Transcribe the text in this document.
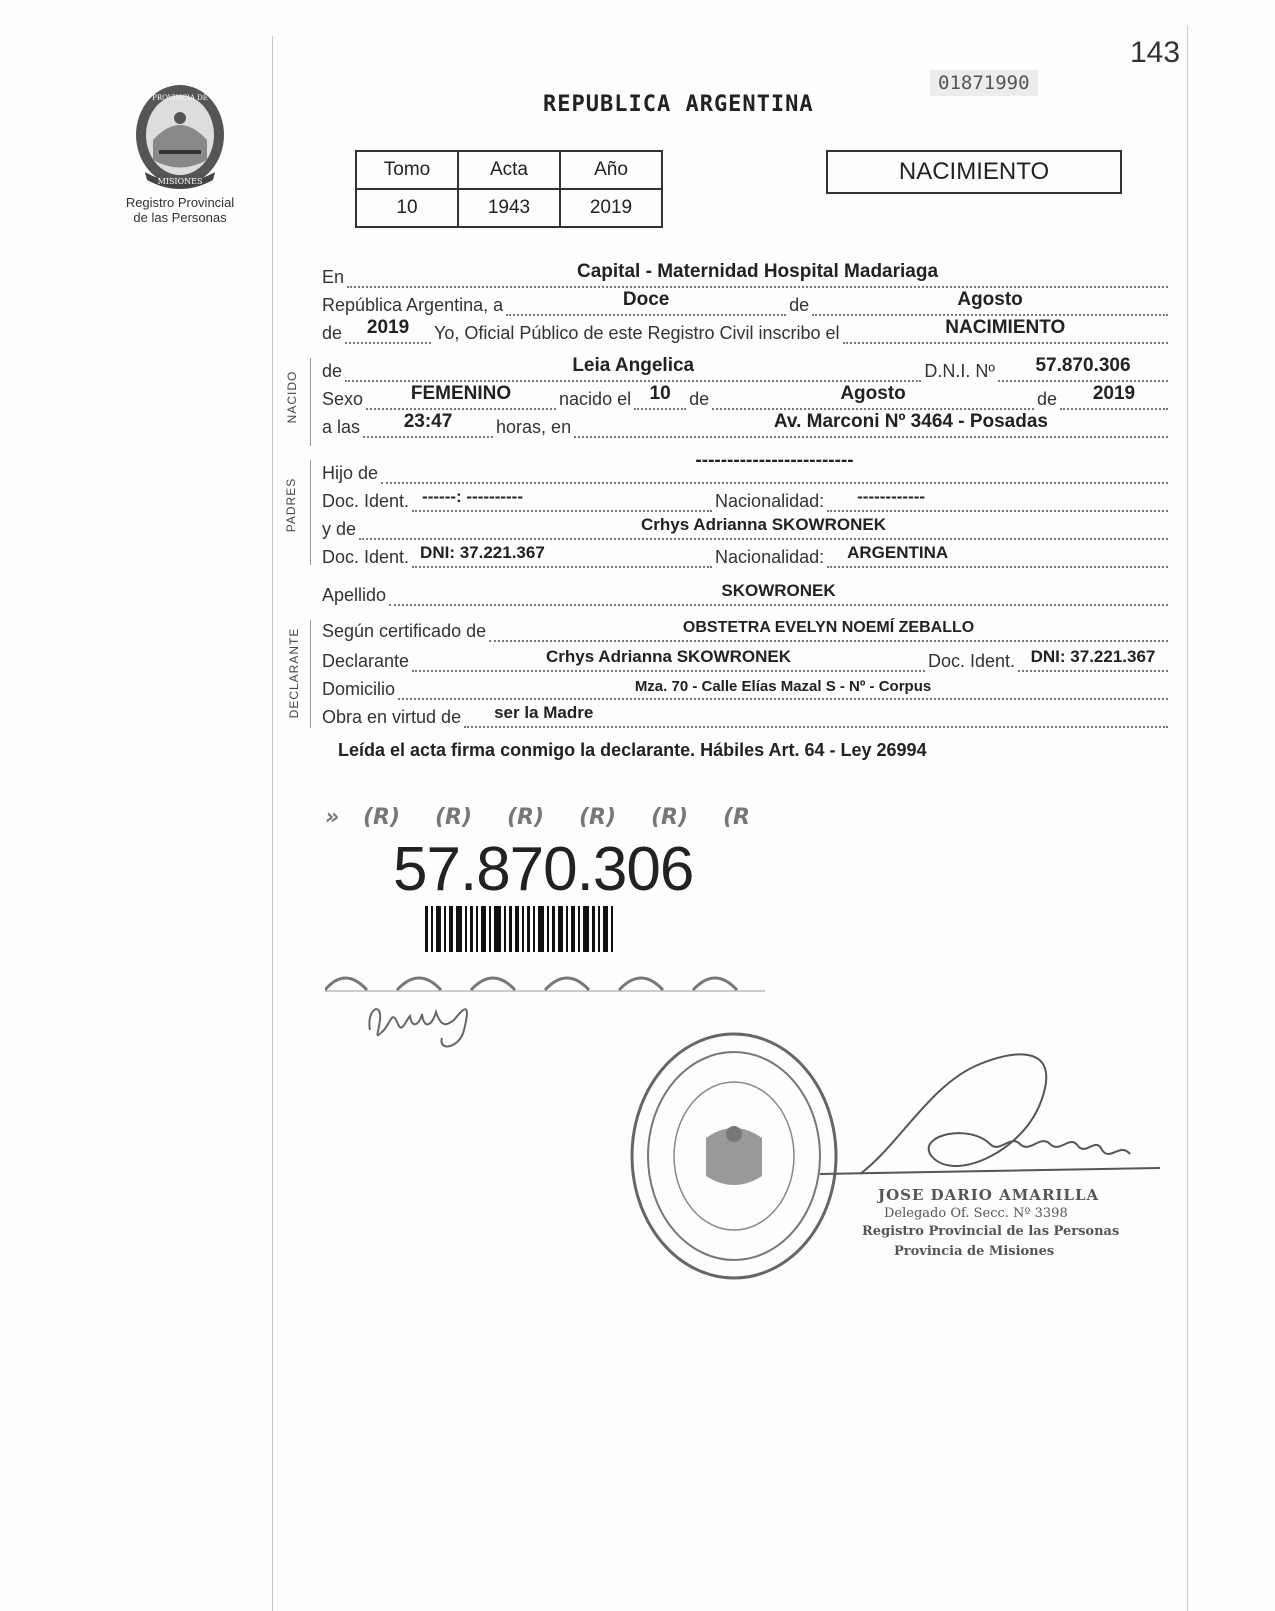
PROVINCIA DE
MISIONES
Registro Provincial
de las Personas
143
REPUBLICA ARGENTINA
01871990
Tomo	Acta	Año
10	1943	2019
NACIMIENTO
NACIDO
PADRES
DECLARANTE
En	Capital - Maternidad Hospital Madariaga
República Argentina, a	Doce	de	Agosto
de	2019	Yo, Oficial Público de este Registro Civil inscribo el	NACIMIENTO
de	Leia Angelica	D.N.I. Nº	57.870.306
Sexo	FEMENINO	nacido el 10	de	Agosto	de	2019
a las	23:47	horas, en	Av. Marconi Nº 3464 - Posadas
Hijo de
-------------------------
Doc. Ident. ------: ----------	Nacionalidad:	------------
y de	Crhys Adrianna SKOWRONEK
Doc. Ident. DNI: 37.221.367	Nacionalidad:	ARGENTINA
Apellido	SKOWRONEK
Según certificado de	OBSTETRA EVELYN NOEMÍ ZEBALLO
Declarante	Crhys Adrianna SKOWRONEK	Doc. Ident. DNI: 37.221.367
Domicilio	Mza. 70 - Calle Elías Mazal S - Nº - Corpus
Obra en virtud de	ser la Madre
Leída el acta firma conmigo la declarante. Hábiles Art. 64 - Ley 26994
» (R) (R) (R) (R) (R) (R
57.870.306
JOSE DARIO AMARILLA
Delegado Of. Secc. Nº 3398
Registro Provincial de las Personas
Provincia de Misiones
